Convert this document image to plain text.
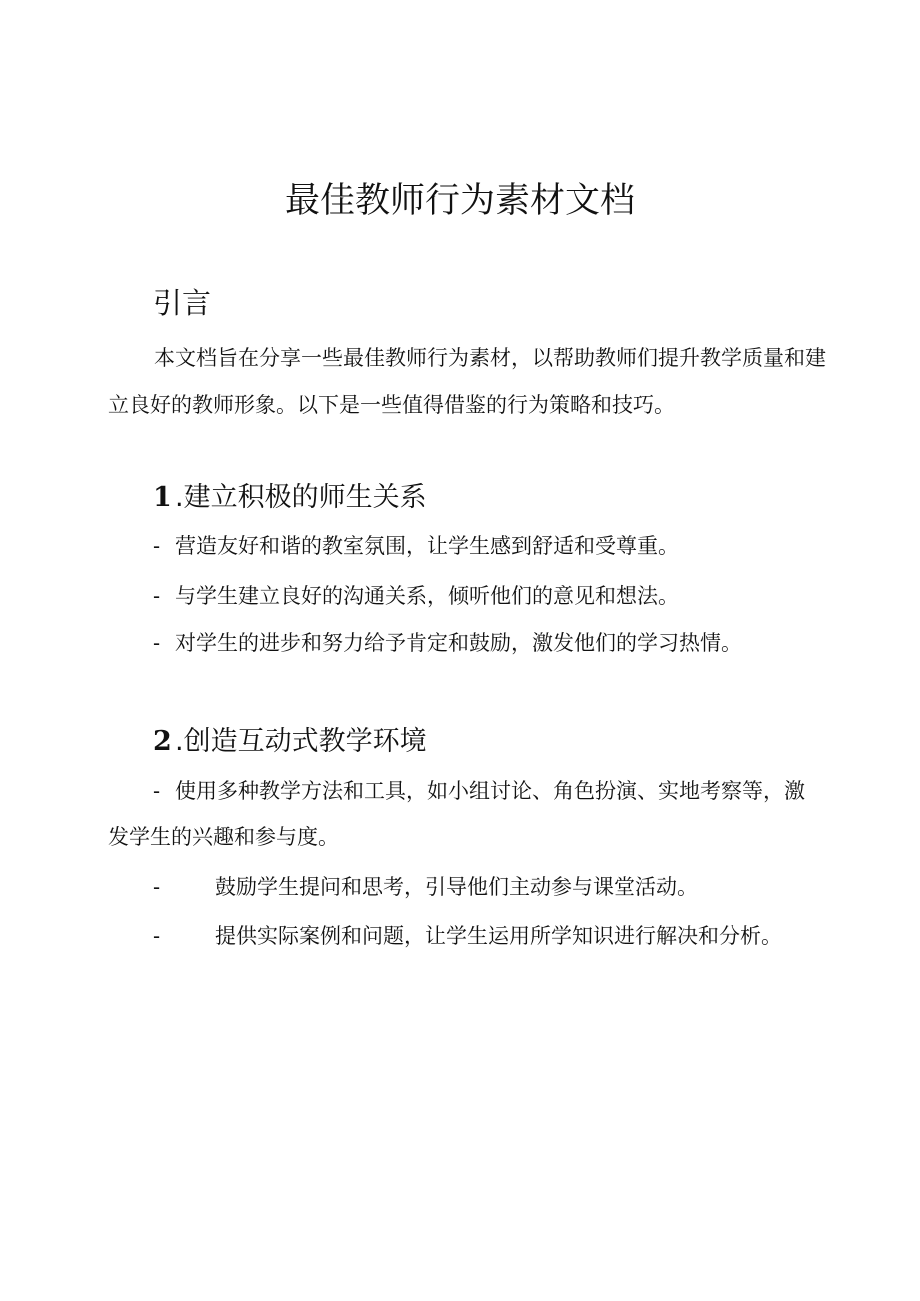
最佳教师行为素材文档
引言

本文档旨在分享一些最佳教师行为素材，以帮助教师们提升教学质量和建立良好的教师形象。以下是一些值得借鉴的行为策略和技巧。

1 .建立积极的师生关系

- 营造友好和谐的教室氛围，让学生感到舒适和受尊重。

- 与学生建立良好的沟通关系，倾听他们的意见和想法。

- 对学生的进步和努力给予肯定和鼓励，激发他们的学习热情。

2 .创造互动式教学环境

- 使用多种教学方法和工具，如小组讨论、角色扮演、实地考察等，激发学生的兴趣和参与度。

-	鼓励学生提问和思考，引导他们主动参与课堂活动。

-	提供实际案例和问题，让学生运用所学知识进行解决和分析。
